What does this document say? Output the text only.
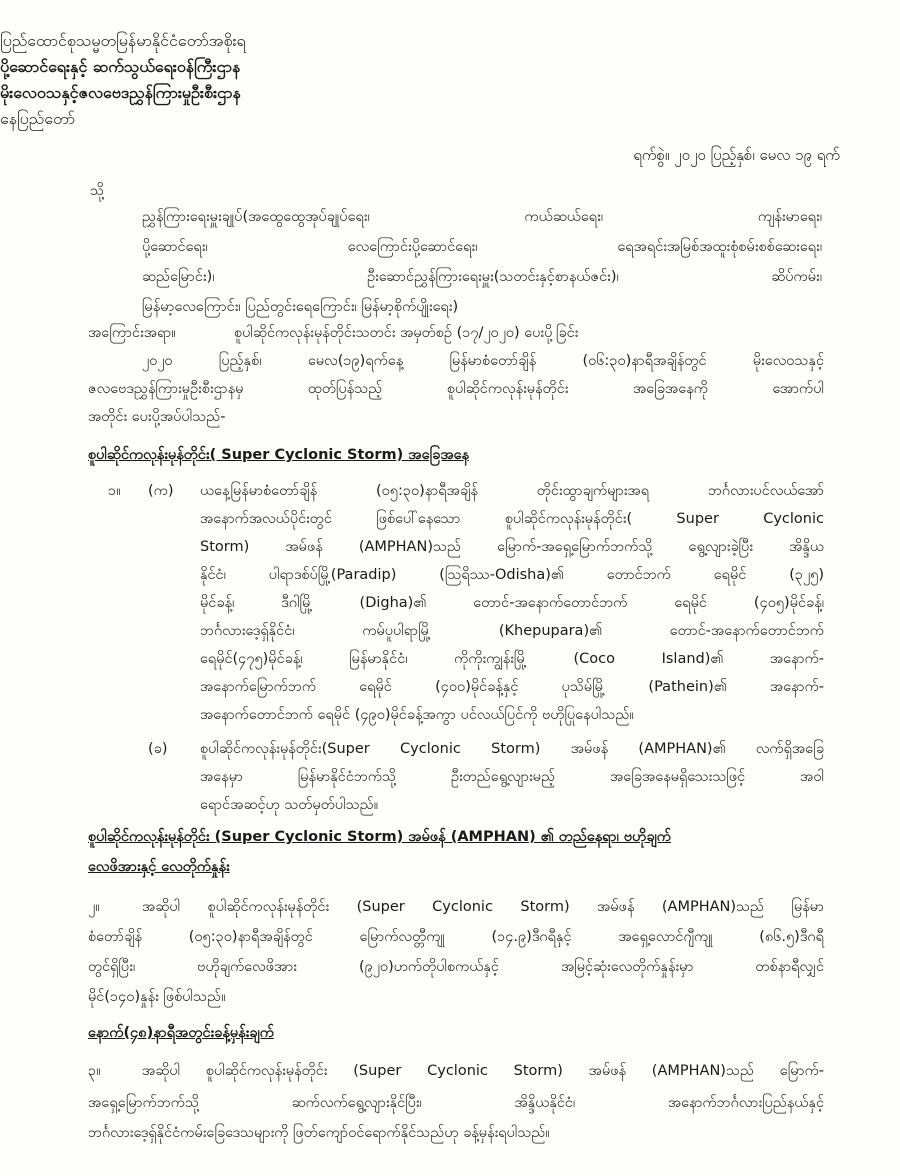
ပြည်ထောင်စုသမ္မတမြန်မာနိုင်ငံတော်အစိုးရ
ပို့ဆောင်ရေးနှင့် ဆက်သွယ်ရေးဝန်ကြီးဌာန
မိုးလေဝသနှင့်ဇလဗေဒညွှန်ကြားမှုဦးစီးဌာန
နေပြည်တော်
ရက်စွဲ။ ၂၀၂၀ ပြည့်နှစ်၊ မေလ ၁၉ ရက်
သို့
ညွှန်ကြားရေးမှူးချုပ်(အထွေထွေအုပ်ချုပ်ရေး၊ ကယ်ဆယ်ရေး၊ ကျန်းမာရေး၊
ပို့ဆောင်ရေး၊ လေကြောင်းပို့ဆောင်ရေး၊ ရေအရင်းအမြစ်အထူးစုံစမ်းစစ်ဆေးရေး၊
ဆည်မြောင်း)၊ ဦးဆောင်ညွှန်ကြားရေးမှူး(သတင်းနှင့်စာနယ်ဇင်း)၊ ဆိပ်ကမ်း၊
မြန်မာ့လေကြောင်း၊ ပြည်တွင်းရေကြောင်း၊ မြန်မာ့စိုက်ပျိုးရေး)
အကြောင်းအရာ။	စူပါဆိုင်ကလုန်းမုန်တိုင်းသတင်း အမှတ်စဉ် (၁၇/၂၀၂၀) ပေးပို့ခြင်း
၂၀၂၀ ပြည့်နှစ်၊ မေလ(၁၉)ရက်နေ့ မြန်မာစံတော်ချိန် (၀၆:၃၀)နာရီအချိန်တွင် မိုးလေဝသနှင့်
ဇလဗေဒညွှန်ကြားမှုဦးစီးဌာနမှ ထုတ်ပြန်သည့် စူပါဆိုင်ကလုန်းမုန်တိုင်း အခြေအနေကို အောက်ပါ
အတိုင်း ပေးပို့အပ်ပါသည်-
စူပါဆိုင်ကလုန်းမုန်တိုင်း( Super Cyclonic Storm) အခြေအနေ
၁။ (က) ယနေ့မြန်မာစံတော်ချိန် (၀၅:၃၀)နာရီအချိန် တိုင်းထွာချက်များအရ ဘင်္ဂလားပင်လယ်အော်
အနောက်အလယ်ပိုင်းတွင် ဖြစ်ပေါ်နေသော စူပါဆိုင်ကလုန်းမုန်တိုင်း( Super Cyclonic
Storm) အမ်ဖန် (AMPHAN)သည် မြောက်-အရှေ့မြောက်ဘက်သို့ ရွေ့လျားခဲ့ပြီး အိန္ဒိယ
နိုင်ငံ၊ ပါရာဒစ်ပ်မြို့(Paradip) (ဩရိဿ-Odisha)၏ တောင်ဘက် ရေမိုင် (၃၂၅)
မိုင်ခန့်၊ ဒီဂါမြို့ (Digha)၏ တောင်-အနောက်တောင်ဘက် ရေမိုင် (၄၀၅)မိုင်ခန့်၊
ဘင်္ဂလားဒေ့ရှ်နိုင်ငံ၊ ကမ်ပူပါရာမြို့ (Khepupara)၏ တောင်-အနောက်တောင်ဘက်
ရေမိုင်(၄၇၅)မိုင်ခန့်၊ မြန်မာနိုင်ငံ၊ ကိုကိုးကျွန်းမြို့ (Coco Island)၏ အနောက်-
အနောက်မြောက်ဘက် ရေမိုင် (၄၀၀)မိုင်ခန့်နှင့် ပုသိမ်မြို့ (Pathein)၏ အနောက်-
အနောက်တောင်ဘက် ရေမိုင် (၄၉၀)မိုင်ခန့်အကွာ ပင်လယ်ပြင်ကို ဗဟိုပြုနေပါသည်။
(ခ) စူပါဆိုင်ကလုန်းမုန်တိုင်း(Super Cyclonic Storm) အမ်ဖန် (AMPHAN)၏ လက်ရှိအခြေ
အနေမှာ မြန်မာနိုင်ငံဘက်သို့ ဦးတည်ရွေ့လျားမည့် အခြေအနေမရှိသေးသဖြင့် အဝါ
ရောင်အဆင့်ဟု သတ်မှတ်ပါသည်။
စူပါဆိုင်ကလုန်းမုန်တိုင်း (Super Cyclonic Storm) အမ်ဖန် (AMPHAN) ၏ တည်နေရာ၊ ဗဟိုချက်
လေဖိအားနှင့် လေတိုက်နှုန်း
၂။	အဆိုပါ စူပါဆိုင်ကလုန်းမုန်တိုင်း (Super Cyclonic Storm) အမ်ဖန် (AMPHAN)သည် မြန်မာ
စံတော်ချိန် (၀၅:၃၀)နာရီအချိန်တွင် မြောက်လတ္တီကျု (၁၄.၉)ဒီဂရီနှင့် အရှေ့လောင်ဂျီကျု (၈၆.၅)ဒီဂရီ
တွင်ရှိပြီး၊ ဗဟိုချက်လေဖိအား (၉၂၀)ဟက်တိုပါစကယ်နှင့် အမြင့်ဆုံးလေတိုက်နှုန်းမှာ တစ်နာရီလျှင်
မိုင်(၁၄၀)နှုန်း ဖြစ်ပါသည်။
နောက်(၄၈)နာရီအတွင်းခန့်မှန်းချက်
၃။	အဆိုပါ စူပါဆိုင်ကလုန်းမုန်တိုင်း (Super Cyclonic Storm) အမ်ဖန် (AMPHAN)သည် မြောက်-
အရှေ့မြောက်ဘက်သို့ ဆက်လက်ရွေ့လျားနိုင်ပြီး၊ အိန္ဒိယနိုင်ငံ၊ အနောက်ဘင်္ဂလားပြည်နယ်နှင့်
ဘင်္ဂလားဒေ့ရှ်နိုင်ငံကမ်းခြေဒေသများကို ဖြတ်ကျော်ဝင်ရောက်နိုင်သည်ဟု ခန့်မှန်းရပါသည်။
